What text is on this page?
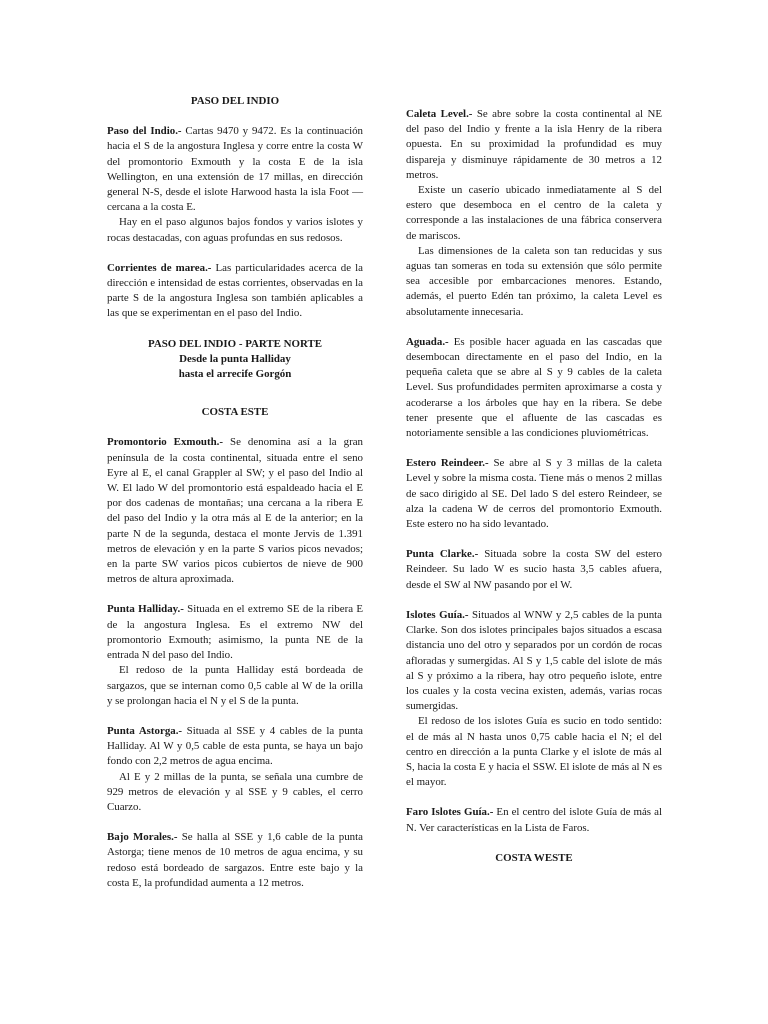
PASO DEL INDIO

Paso del Indio.- Cartas 9470 y 9472. Es la continuación hacia el S de la angostura Inglesa y corre entre la costa W del promontorio Exmouth y la costa E de la isla Wellington, en una extensión de 17 millas, en dirección general N-S, desde el islote Harwood hasta la isla Foot —cercana a la costa E.

Hay en el paso algunos bajos fondos y varios islotes y rocas destacadas, con aguas profundas en sus redosos.

Corrientes de marea.- Las particularidades acerca de la dirección e intensidad de estas corrientes, observadas en la parte S de la angostura Inglesa son también aplicables a las que se experimentan en el paso del Indio.

PASO DEL INDIO - PARTE NORTE

Desde la punta Halliday

hasta el arrecife Gorgón

COSTA ESTE

Promontorio Exmouth.- Se denomina así a la gran península de la costa continental, situada entre el seno Eyre al E, el canal Grappler al SW; y el paso del Indio al W. El lado W del promontorio está espaldeado hacia el E por dos cadenas de montañas; una cercana a la ribera E del paso del Indio y la otra más al E de la anterior; en la parte N de la segunda, destaca el monte Jervis de 1.391 metros de elevación y en la parte S varios picos nevados; en la parte SW varios picos cubiertos de nieve de 900 metros de altura aproximada.

Punta Halliday.- Situada en el extremo SE de la ribera E de la angostura Inglesa. Es el extremo NW del promontorio Exmouth; asimismo, la punta NE de la entrada N del paso del Indio.

El redoso de la punta Halliday está bordeada de sargazos, que se internan como 0,5 cable al W de la orilla y se prolongan hacia el N y el S de la punta.

Punta Astorga.- Situada al SSE y 4 cables de la punta Halliday. Al W y 0,5 cable de esta punta, se haya un bajo fondo con 2,2 metros de agua encima.

Al E y 2 millas de la punta, se señala una cumbre de 929 metros de elevación y al SSE y 9 cables, el cerro Cuarzo.

Bajo Morales.- Se halla al SSE y 1,6 cable de la punta Astorga; tiene menos de 10 metros de agua encima, y su redoso está bordeado de sargazos. Entre este bajo y la costa E, la profundidad aumenta a 12 metros.

Caleta Level.- Se abre sobre la costa continental al NE del paso del Indio y frente a la isla Henry de la ribera opuesta. En su proximidad la profundidad es muy dispareja y disminuye rápidamente de 30 metros a 12 metros.

Existe un caserío ubicado inmediatamente al S del estero que desemboca en el centro de la caleta y corresponde a las instalaciones de una fábrica conservera de mariscos.

Las dimensiones de la caleta son tan reducidas y sus aguas tan someras en toda su extensión que sólo permite sea accesible por embarcaciones menores. Estando, además, el puerto Edén tan próximo, la caleta Level es absolutamente innecesaria.

Aguada.- Es posible hacer aguada en las cascadas que desembocan directamente en el paso del Indio, en la pequeña caleta que se abre al S y 9 cables de la caleta Level. Sus profundidades permiten aproximarse a costa y acoderarse a los árboles que hay en la ribera. Se debe tener presente que el afluente de las cascadas es notoriamente sensible a las condiciones pluviométricas.

Estero Reindeer.- Se abre al S y 3 millas de la caleta Level y sobre la misma costa. Tiene más o menos 2 millas de saco dirigido al SE. Del lado S del estero Reindeer, se alza la cadena W de cerros del promontorio Exmouth. Este estero no ha sido levantado.

Punta Clarke.- Situada sobre la costa SW del estero Reindeer. Su lado W es sucio hasta 3,5 cables afuera, desde el SW al NW pasando por el W.

Islotes Guía.- Situados al WNW y 2,5 cables de la punta Clarke. Son dos islotes principales bajos situados a escasa distancia uno del otro y separados por un cordón de rocas afloradas y sumergidas. Al S y 1,5 cable del islote de más al S y próximo a la ribera, hay otro pequeño islote, entre los cuales y la costa vecina existen, además, varias rocas sumergidas.

El redoso de los islotes Guía es sucio en todo sentido: el de más al N hasta unos 0,75 cable hacia el N; el del centro en dirección a la punta Clarke y el islote de más al S, hacia la costa E y hacia el SSW. El islote de más al N es el mayor.

Faro Islotes Guía.- En el centro del islote Guía de más al N. Ver características en la Lista de Faros.

COSTA WESTE
